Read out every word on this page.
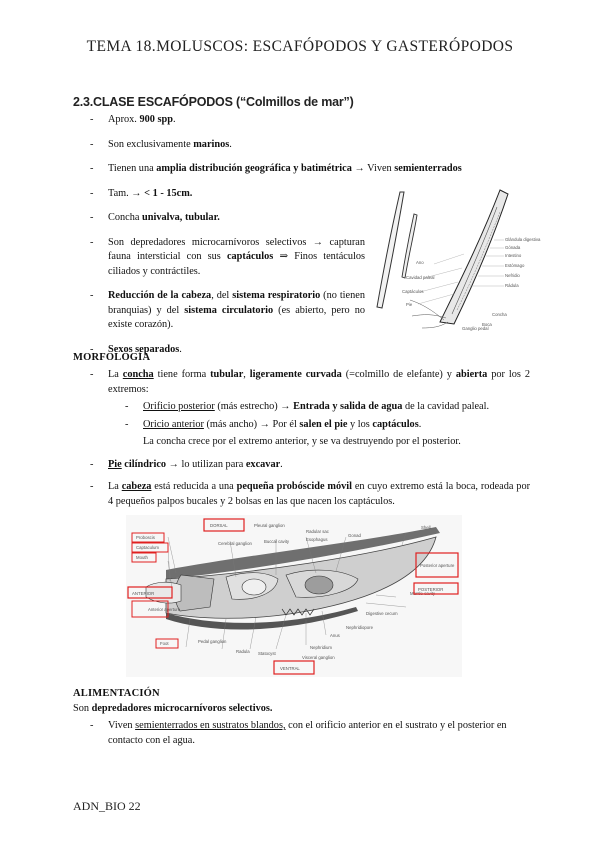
TEMA 18.MOLUSCOS: ESCAFÓPODOS Y GASTERÓPODOS
2.3.CLASE ESCAFÓPODOS (“Colmillos de mar”)
- Aprox. 900 spp.
- Son exclusivamente marinos.
- Tienen una amplia distribución geográfica y batimétrica → Viven semienterrados
- Tam. → < 1 - 15cm.
- Concha univalva, tubular.
- Son depredadores microcarnívoros selectivos → capturan fauna intersticial con sus captáculos ⇒ Finos tentáculos ciliados y contráctiles.
- Reducción de la cabeza, del sistema respiratorio (no tienen branquias) y del sistema circulatorio (es abierto, pero no existe corazón).
- Sexos separados.
Glándula digestiva
Gónada
Intestino
Estómago
Nefridio
Rádula
Ano
Cavidad paleal
Captáculos
Pie
Concha
Boca
Ganglio pedal
MORFOLOGÍA
- La concha tiene forma tubular, ligeramente curvada (=colmillo de elefante) y abierta por los 2 extremos:
- Orificio posterior (más estrecho) → Entrada y salida de agua de la cavidad paleal.
- Oricio anterior (más ancho) → Por él salen el pie y los captáculos.
La concha crece por el extremo anterior, y se va destruyendo por el posterior.
- Pie cilíndrico → lo utilizan para excavar.
- La cabeza está reducida a una pequeña probóscide móvil en cuyo extremo está la boca, rodeada por 4 pequeños palpos bucales y 2 bolsas en las que nacen los captáculos.
Proboscis
Captaculum
Mouth
Cerebral ganglion
Pleural ganglion
Buccal cavity
Radular sac
Esophagus
Gonad
Shell
Mantle cavity
Digestive cecum
Anus
Nephridiopore
Nephridium
Visceral ganglion
Statocyst
Pedal ganglion
Foot
Radula
Anterior aperture
DORSAL
ANTERIOR
POSTERIOR
Posterior aperture
VENTRAL
ALIMENTACIÓN
Son depredadores microcarnívoros selectivos.
- Viven semienterrados en sustratos blandos, con el orificio anterior en el sustrato y el posterior en contacto con el agua.
ADN_BIO 22
